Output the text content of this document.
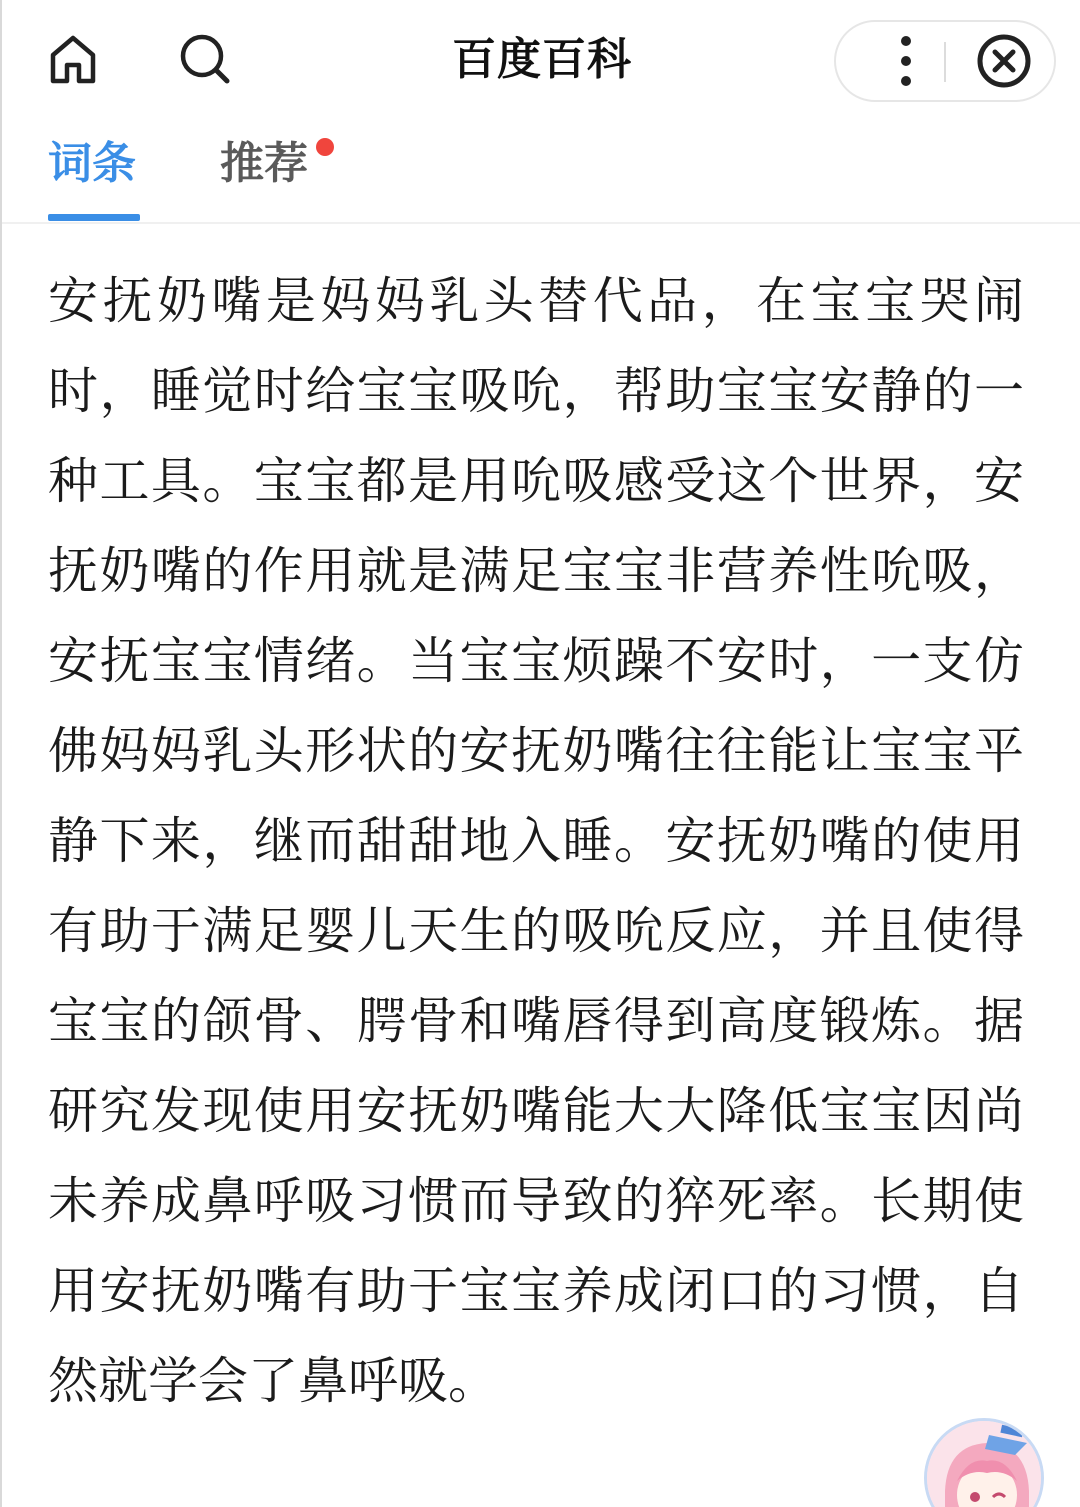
百度百科
词条 推荐
安抚奶嘴是妈妈乳头替代品，在宝宝哭闹时，睡觉时给宝宝吸吮，帮助宝宝安静的一种工具。宝宝都是用吮吸感受这个世界，安抚奶嘴的作用就是满足宝宝非营养性吮吸，安抚宝宝情绪。当宝宝烦躁不安时，一支仿佛妈妈乳头形状的安抚奶嘴往往能让宝宝平静下来，继而甜甜地入睡。安抚奶嘴的使用有助于满足婴儿天生的吸吮反应，并且使得宝宝的颌骨、腭骨和嘴唇得到高度锻炼。据研究发现使用安抚奶嘴能大大降低宝宝因尚未养成鼻呼吸习惯而导致的猝死率。长期使用安抚奶嘴有助于宝宝养成闭口的习惯，自然就学会了鼻呼吸。
